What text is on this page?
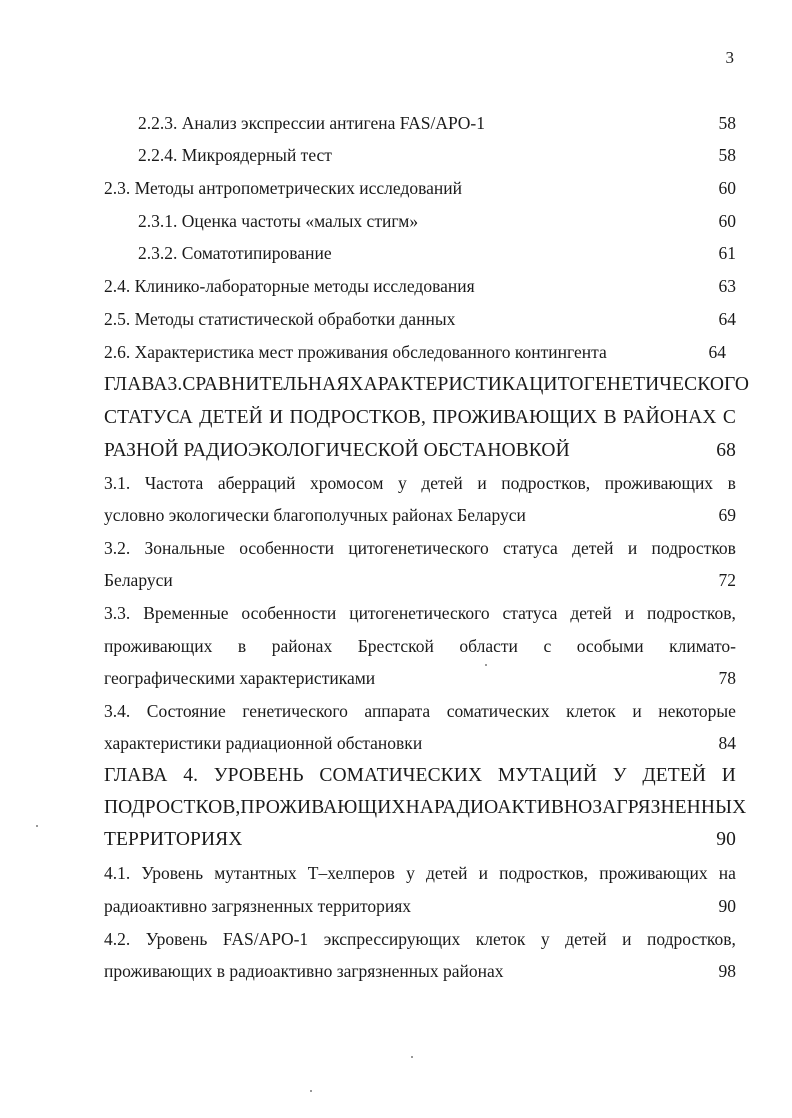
3
2.2.3. Анализ экспрессии антигена FAS/APO-1	58
2.2.4. Микроядерный тест	58
2.3. Методы антропометрических исследований	60
2.3.1. Оценка частоты «малых стигм»	60
2.3.2. Соматотипирование	61
2.4. Клинико-лабораторные методы исследования	63
2.5. Методы статистической обработки данных	64
2.6. Характеристика мест проживания обследованного контингента	64
ГЛАВА 3. СРАВНИТЕЛЬНАЯ ХАРАКТЕРИСТИКА ЦИТОГЕНЕТИЧЕСКОГО
СТАТУСА ДЕТЕЙ И ПОДРОСТКОВ, ПРОЖИВАЮЩИХ В РАЙОНАХ С
РАЗНОЙ РАДИОЭКОЛОГИЧЕСКОЙ ОБСТАНОВКОЙ	68
3.1. Частота аберраций хромосом у детей и подростков, проживающих в
условно экологически благополучных районах Беларуси	69
3.2. Зональные особенности цитогенетического статуса детей и подростков
Беларуси	72
3.3. Временные особенности цитогенетического статуса детей и подростков,
проживающих в районах Брестской области с особыми климато-
географическими характеристиками	78
3.4. Состояние генетического аппарата соматических клеток и некоторые
характеристики радиационной обстановки	84
ГЛАВА 4. УРОВЕНЬ СОМАТИЧЕСКИХ МУТАЦИЙ У ДЕТЕЙ И
ПОДРОСТКОВ, ПРОЖИВАЮЩИХ НА РАДИОАКТИВНО ЗАГРЯЗНЕННЫХ
ТЕРРИТОРИЯХ	90
4.1. Уровень мутантных Т–хелперов у детей и подростков, проживающих на
радиоактивно загрязненных территориях	90
4.2. Уровень FAS/APO-1 экспрессирующих клеток у детей и подростков,
проживающих в радиоактивно загрязненных районах	98
